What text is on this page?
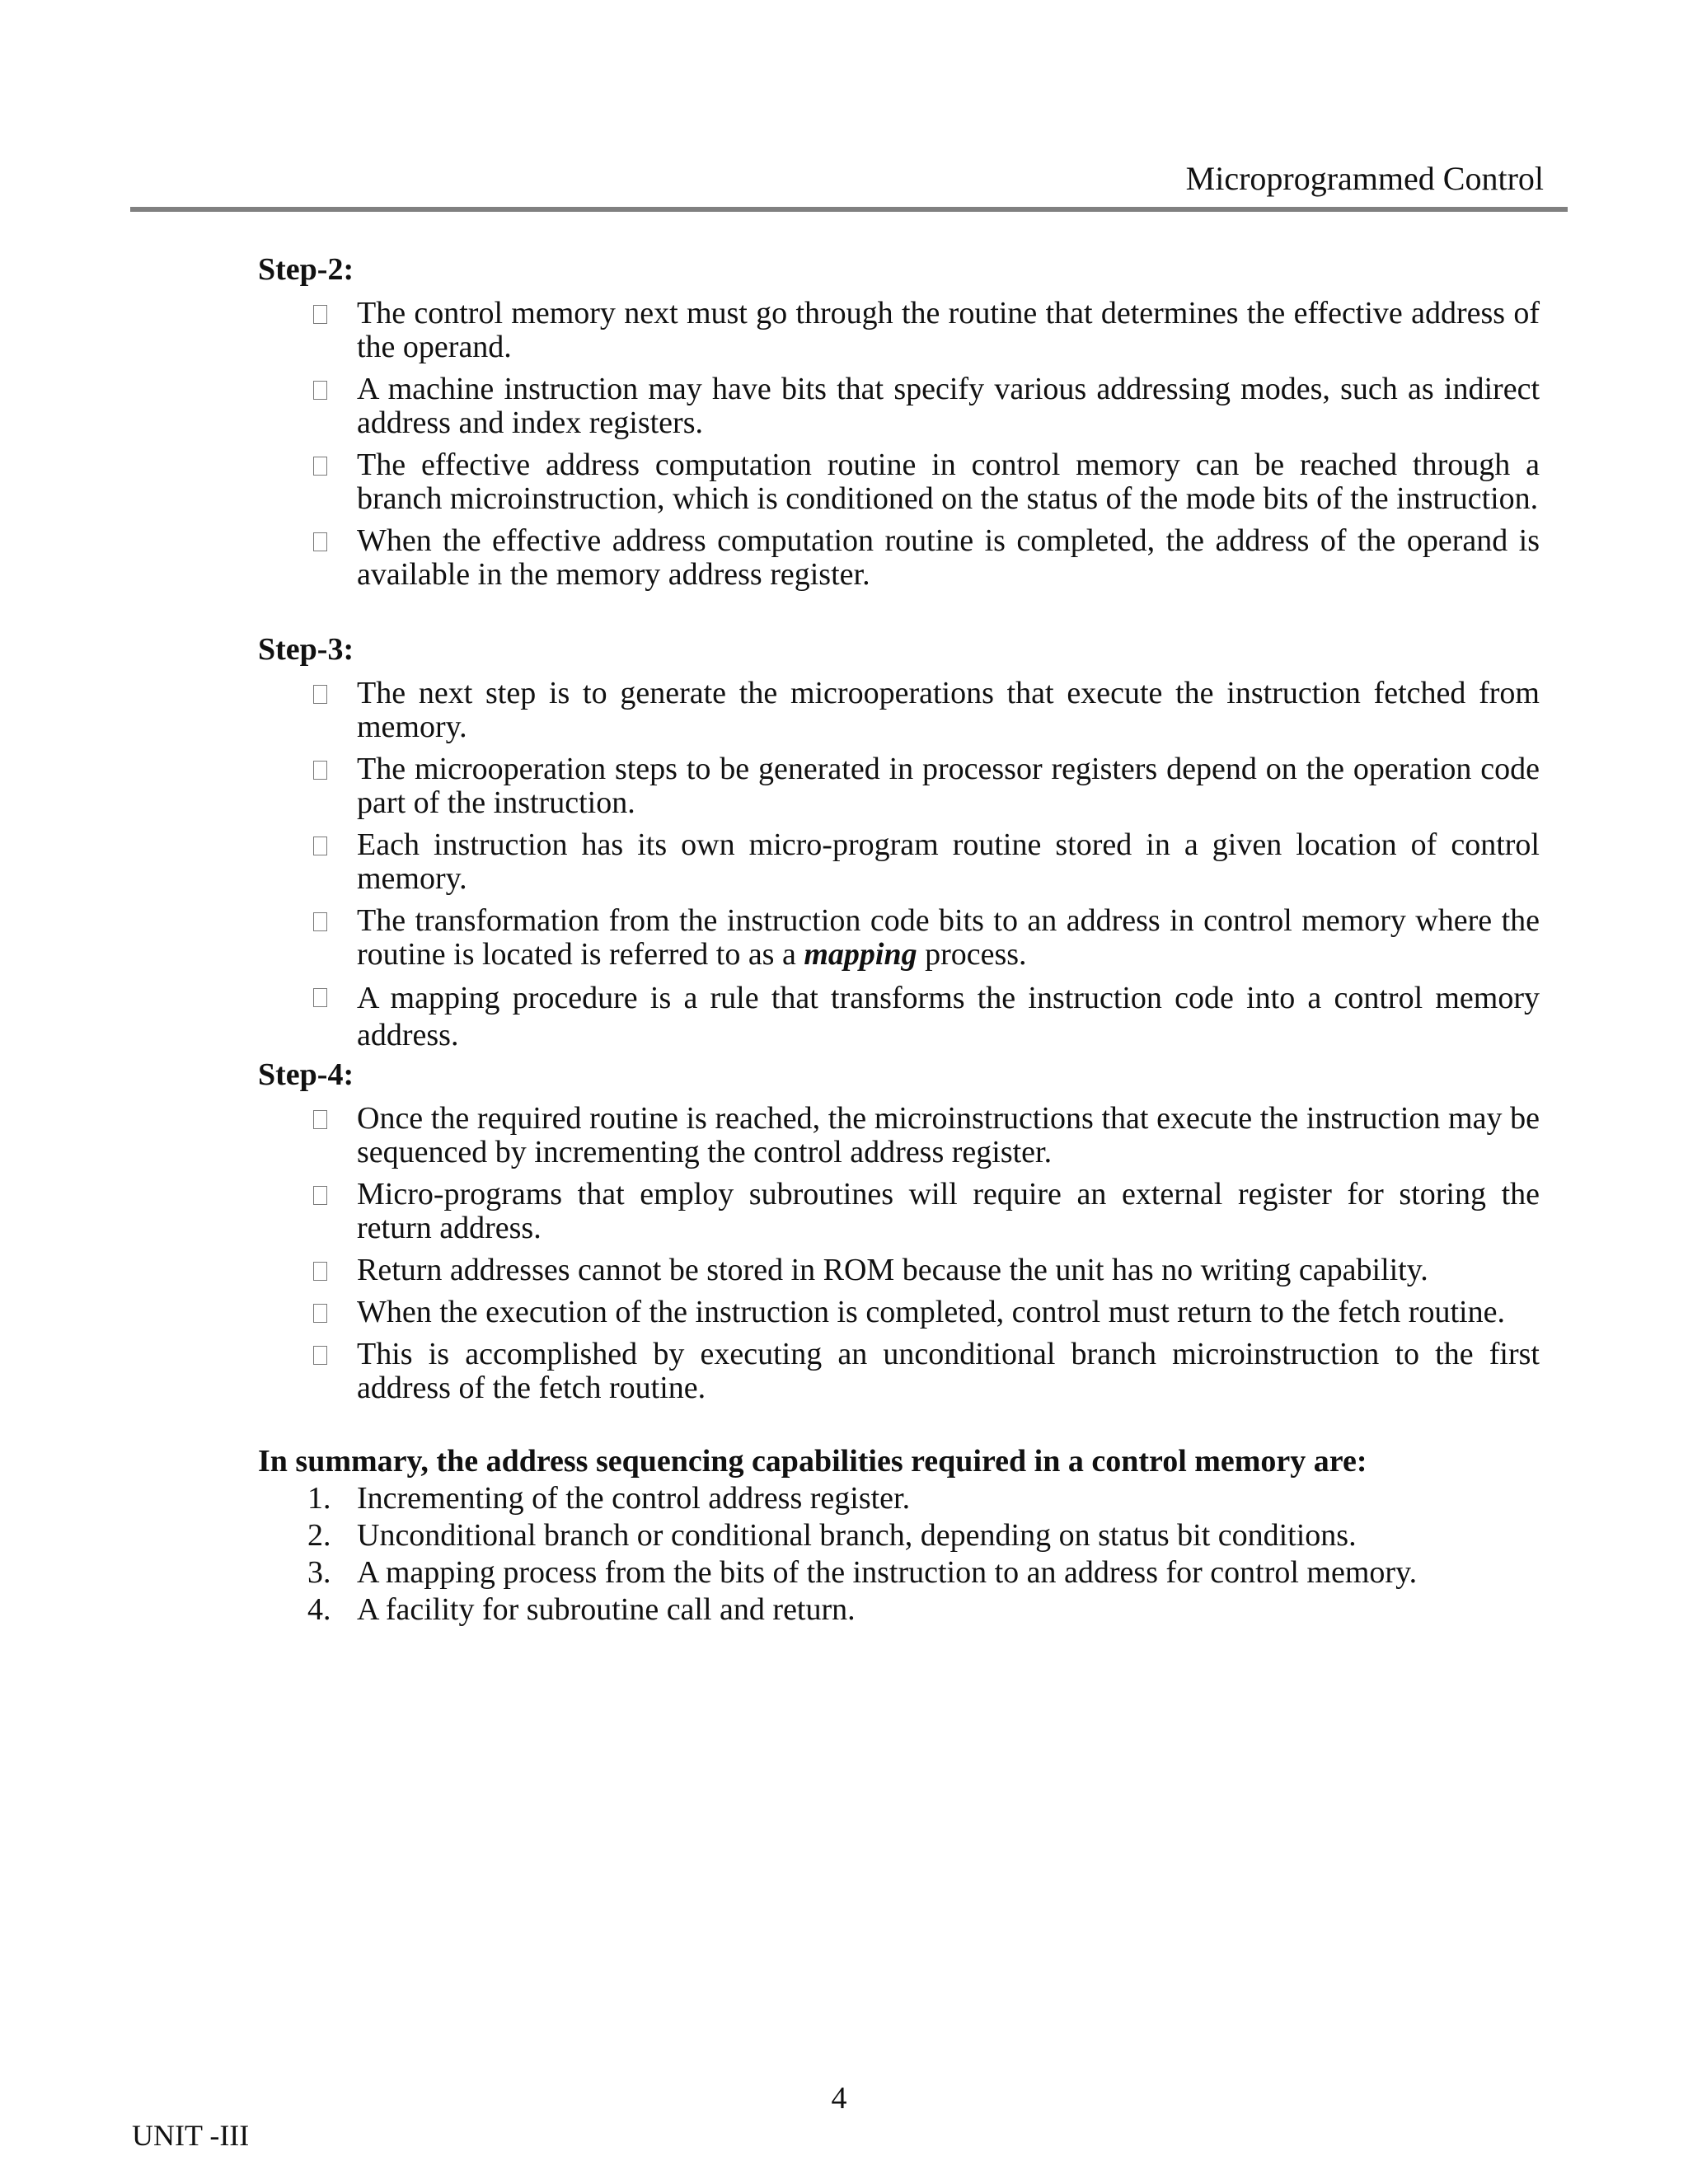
Microprogrammed Control
Step-2:
The control memory next must go through the routine that determines the effective address of the operand.
A machine instruction may have bits that specify various addressing modes, such as indirect address and index registers.
The effective address computation routine in control memory can be reached through a branch microinstruction, which is conditioned on the status of the mode bits of the instruction.
When the effective address computation routine is completed, the address of the operand is available in the memory address register.
Step-3:
The next step is to generate the microoperations that execute the instruction fetched from memory.
The microoperation steps to be generated in processor registers depend on the operation code part of the instruction.
Each instruction has its own micro-program routine stored in a given location of control memory.
The transformation from the instruction code bits to an address in control memory where the routine is located is referred to as a mapping process.
A mapping procedure is a rule that transforms the instruction code into a control memory address.
Step-4:
Once the required routine is reached, the microinstructions that execute the instruction may be sequenced by incrementing the control address register.
Micro-programs that employ subroutines will require an external register for storing the return address.
Return addresses cannot be stored in ROM because the unit has no writing capability.
When the execution of the instruction is completed, control must return to the fetch routine.
This is accomplished by executing an unconditional branch microinstruction to the first address of the fetch routine.
In summary, the address sequencing capabilities required in a control memory are:
1. Incrementing of the control address register.
2. Unconditional branch or conditional branch, depending on status bit conditions.
3. A mapping process from the bits of the instruction to an address for control memory.
4. A facility for subroutine call and return.
4
UNIT -III
